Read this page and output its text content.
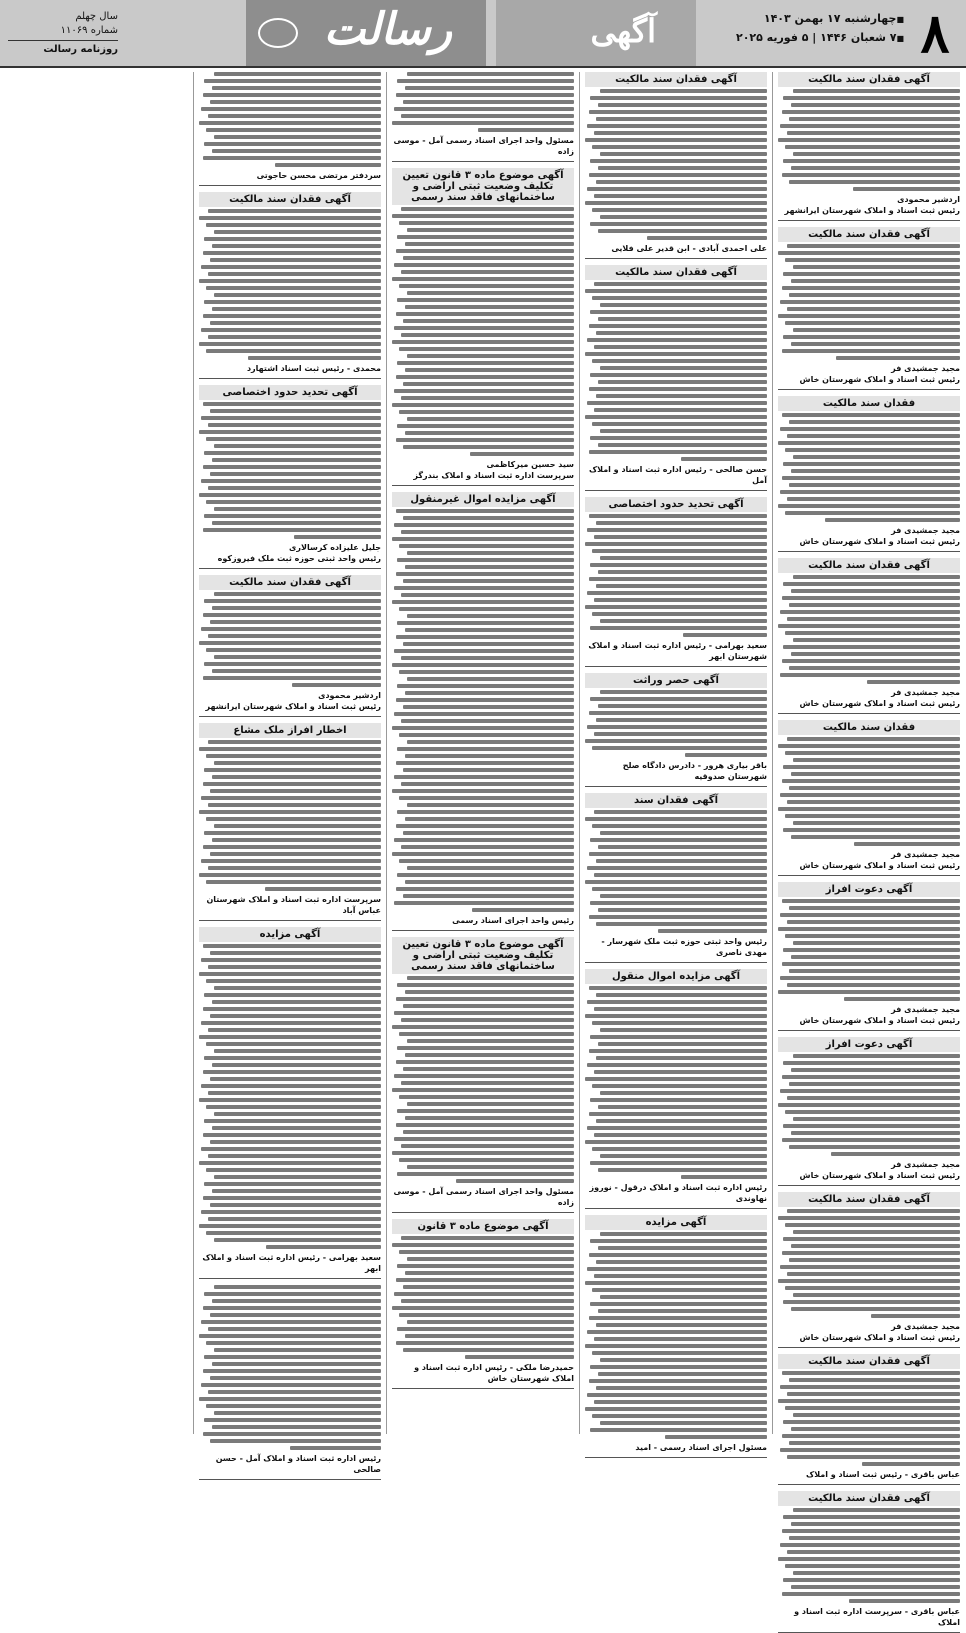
۸
■ چهارشنبه ۱۷ بهمن ۱۴۰۳
■ ۷ شعبان ۱۴۴۶ | ۵ فوریه ۲۰۲۵
آگهی
رسالت
سال چهلم
شماره ۱۱۰۶۹
روزنامه رسالت
آگهی فقدان سند مالکیت
اردشیر محمودی
رئیس ثبت اسناد و املاک شهرستان ایرانشهر
آگهی فقدان سند مالکیت
مجید جمشیدی فر
رئیس ثبت اسناد و املاک شهرستان خاش
فقدان سند مالکیت
مجید جمشیدی فر
رئیس ثبت اسناد و املاک شهرستان خاش
آگهی فقدان سند مالکیت
مجید جمشیدی فر
رئیس ثبت اسناد و املاک شهرستان خاش
فقدان سند مالکیت
مجید جمشیدی فر
رئیس ثبت اسناد و املاک شهرستان خاش
آگهی دعوت افراز
مجید جمشیدی فر
رئیس ثبت اسناد و املاک شهرستان خاش
آگهی دعوت افراز
مجید جمشیدی فر
رئیس ثبت اسناد و املاک شهرستان خاش
آگهی فقدان سند مالکیت
مجید جمشیدی فر
رئیس ثبت اسناد و املاک شهرستان خاش
آگهی فقدان سند مالکیت
عباس باقری - رئیس ثبت اسناد و املاک
آگهی فقدان سند مالکیت
عباس باقری - سرپرست اداره ثبت اسناد و املاک
آگهی فقدان سند مالکیت
علی احمدی آبادی - ابن قدیر علی فلایی
آگهی فقدان سند مالکیت
حسن صالحی - رئیس اداره ثبت اسناد و املاک آمل
آگهی تحدید حدود اختصاصی
سعید بهرامی - رئیس اداره ثبت اسناد و املاک شهرستان ابهر
آگهی حصر وراثت
باقر بیاری هرور - دادرس دادگاه صلح شهرستان صدوقیه
آگهی فقدان سند
رئیس واحد ثبتی حوزه ثبت ملک شهرسار - مهدی ناصری
آگهی مزایده اموال منقول
رئیس اداره ثبت اسناد و املاک درقول - نوروز نهاوندی
آگهی مزایده
مسئول اجرای اسناد رسمی - امید
مسئول واحد اجرای اسناد رسمی آمل - موسی زاده
آگهی موضوع ماده ۳ قانون تعیین تکلیف وضعیت ثبتی اراضی و ساختمانهای فاقد سند رسمی
سید حسین میرکاظمی
سرپرست اداره ثبت اسناد و املاک بندرگز
آگهی مزایده اموال غیرمنقول
رئیس واحد اجرای اسناد رسمی
آگهی موضوع ماده ۳ قانون تعیین تکلیف وضعیت ثبتی اراضی و ساختمانهای فاقد سند رسمی
مسئول واحد اجرای اسناد رسمی آمل - موسی زاده
آگهی موضوع ماده ۳ قانون
حمیدرضا ملکی - رئیس اداره ثبت اسناد و املاک شهرستان خاش
سردفتر مرتضی محسن حاجوتی
آگهی فقدان سند مالکیت
محمدی - رئیس ثبت اسناد اشتهارد
آگهی تحدید حدود اختصاصی
جلیل علیزاده کرسالاری
رئیس واحد ثبتی حوزه ثبت ملک فیروزکوه
آگهی فقدان سند مالکیت
اردشیر محمودی
رئیس ثبت اسناد و املاک شهرستان ایرانشهر
اخطار افراز ملک مشاع
سرپرست اداره ثبت اسناد و املاک شهرستان عباس آباد
آگهی مزایده
سعید بهرامی - رئیس اداره ثبت اسناد و املاک ابهر
رئیس اداره ثبت اسناد و املاک آمل - حسن صالحی
